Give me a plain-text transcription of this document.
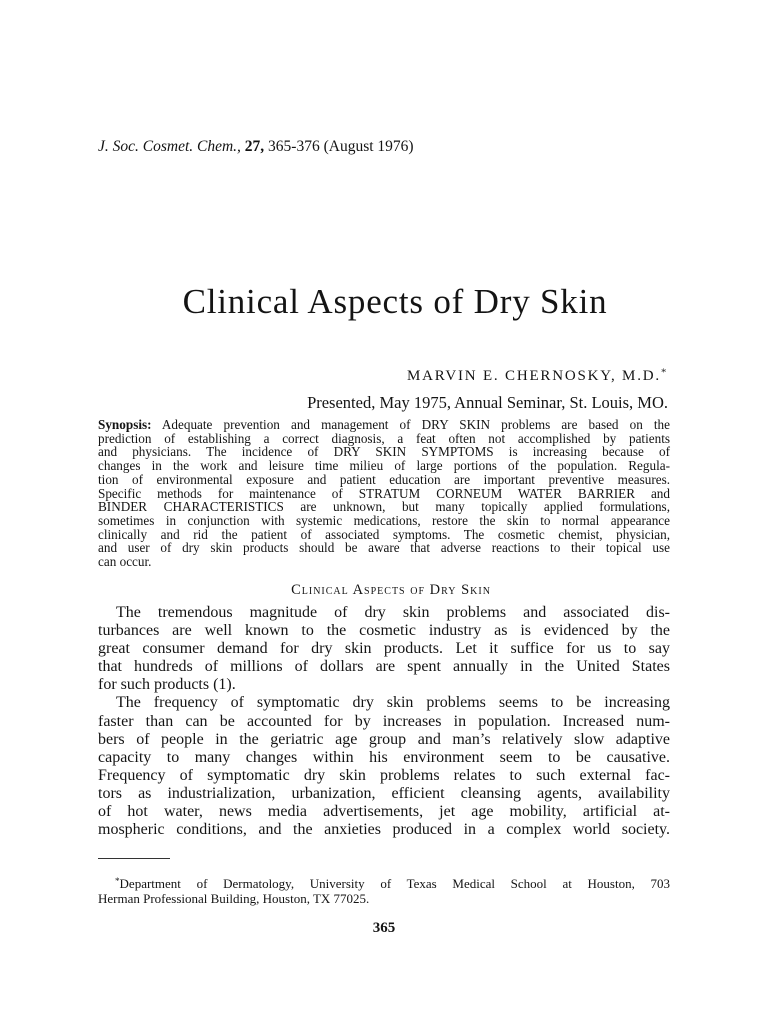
J. Soc. Cosmet. Chem., 27, 365-376 (August 1976)
Clinical Aspects of Dry Skin
MARVIN E. CHERNOSKY, M.D.*
Presented, May 1975, Annual Seminar, St. Louis, MO.
Synopsis: Adequate prevention and management of DRY SKIN problems are based on the
prediction of establishing a correct diagnosis, a feat often not accomplished by patients
and physicians. The incidence of DRY SKIN SYMPTOMS is increasing because of
changes in the work and leisure time milieu of large portions of the population. Regula-
tion of environmental exposure and patient education are important preventive measures.
Specific methods for maintenance of STRATUM CORNEUM WATER BARRIER and
BINDER CHARACTERISTICS are unknown, but many topically applied formulations,
sometimes in conjunction with systemic medications, restore the skin to normal appearance
clinically and rid the patient of associated symptoms. The cosmetic chemist, physician,
and user of dry skin products should be aware that adverse reactions to their topical use
can occur.
Clinical Aspects of Dry Skin
The tremendous magnitude of dry skin problems and associated dis-
turbances are well known to the cosmetic industry as is evidenced by the
great consumer demand for dry skin products. Let it suffice for us to say
that hundreds of millions of dollars are spent annually in the United States
for such products (1).
The frequency of symptomatic dry skin problems seems to be increasing
faster than can be accounted for by increases in population. Increased num-
bers of people in the geriatric age group and man’s relatively slow adaptive
capacity to many changes within his environment seem to be causative.
Frequency of symptomatic dry skin problems relates to such external fac-
tors as industrialization, urbanization, efficient cleansing agents, availability
of hot water, news media advertisements, jet age mobility, artificial at-
mospheric conditions, and the anxieties produced in a complex world society.
*Department of Dermatology, University of Texas Medical School at Houston, 703
Herman Professional Building, Houston, TX 77025.
365
